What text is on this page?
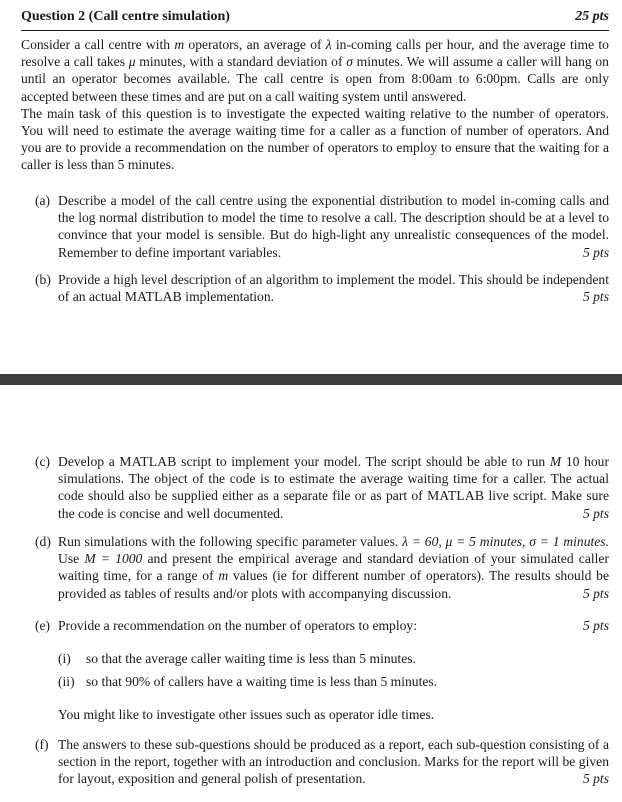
Question 2 (Call centre simulation)	25 pts

Consider a call centre with m operators, an average of λ in-coming calls per hour, and the average time to resolve a call takes μ minutes, with a standard deviation of σ minutes. We will assume a caller will hang on until an operator becomes available. The call centre is open from 8:00am to 6:00pm. Calls are only accepted between these times and are put on a call waiting system until answered.

The main task of this question is to investigate the expected waiting relative to the number of operators. You will need to estimate the average waiting time for a caller as a function of number of operators. And you are to provide a recommendation on the number of operators to employ to ensure that the waiting for a caller is less than 5 minutes.

(a) Describe a model of the call centre using the exponential distribution to model in-coming calls and the log normal distribution to model the time to resolve a call. The description should be at a level to convince that your model is sensible. But do high-light any unrealistic consequences of the model. Remember to define important variables.	5 pts
(b) Provide a high level description of an algorithm to implement the model. This should be independent of an actual MATLAB implementation.	5 pts
(c) Develop a MATLAB script to implement your model. The script should be able to run M 10 hour simulations. The object of the code is to estimate the average waiting time for a caller. The actual code should also be supplied either as a separate file or as part of MATLAB live script. Make sure the code is concise and well documented.	5 pts
(d) Run simulations with the following specific parameter values. λ = 60, μ = 5 minutes, σ = 1 minutes. Use M = 1000 and present the empirical average and standard deviation of your simulated caller waiting time, for a range of m values (ie for different number of operators). The results should be provided as tables of results and/or plots with accompanying discussion.	5 pts
(e) Provide a recommendation on the number of operators to employ:	5 pts
(i) so that the average caller waiting time is less than 5 minutes.
(ii) so that 90% of callers have a waiting time is less than 5 minutes.
You might like to investigate other issues such as operator idle times.
(f) The answers to these sub-questions should be produced as a report, each sub-question consisting of a section in the report, together with an introduction and conclusion. Marks for the report will be given for layout, exposition and general polish of presentation.	5 pts
